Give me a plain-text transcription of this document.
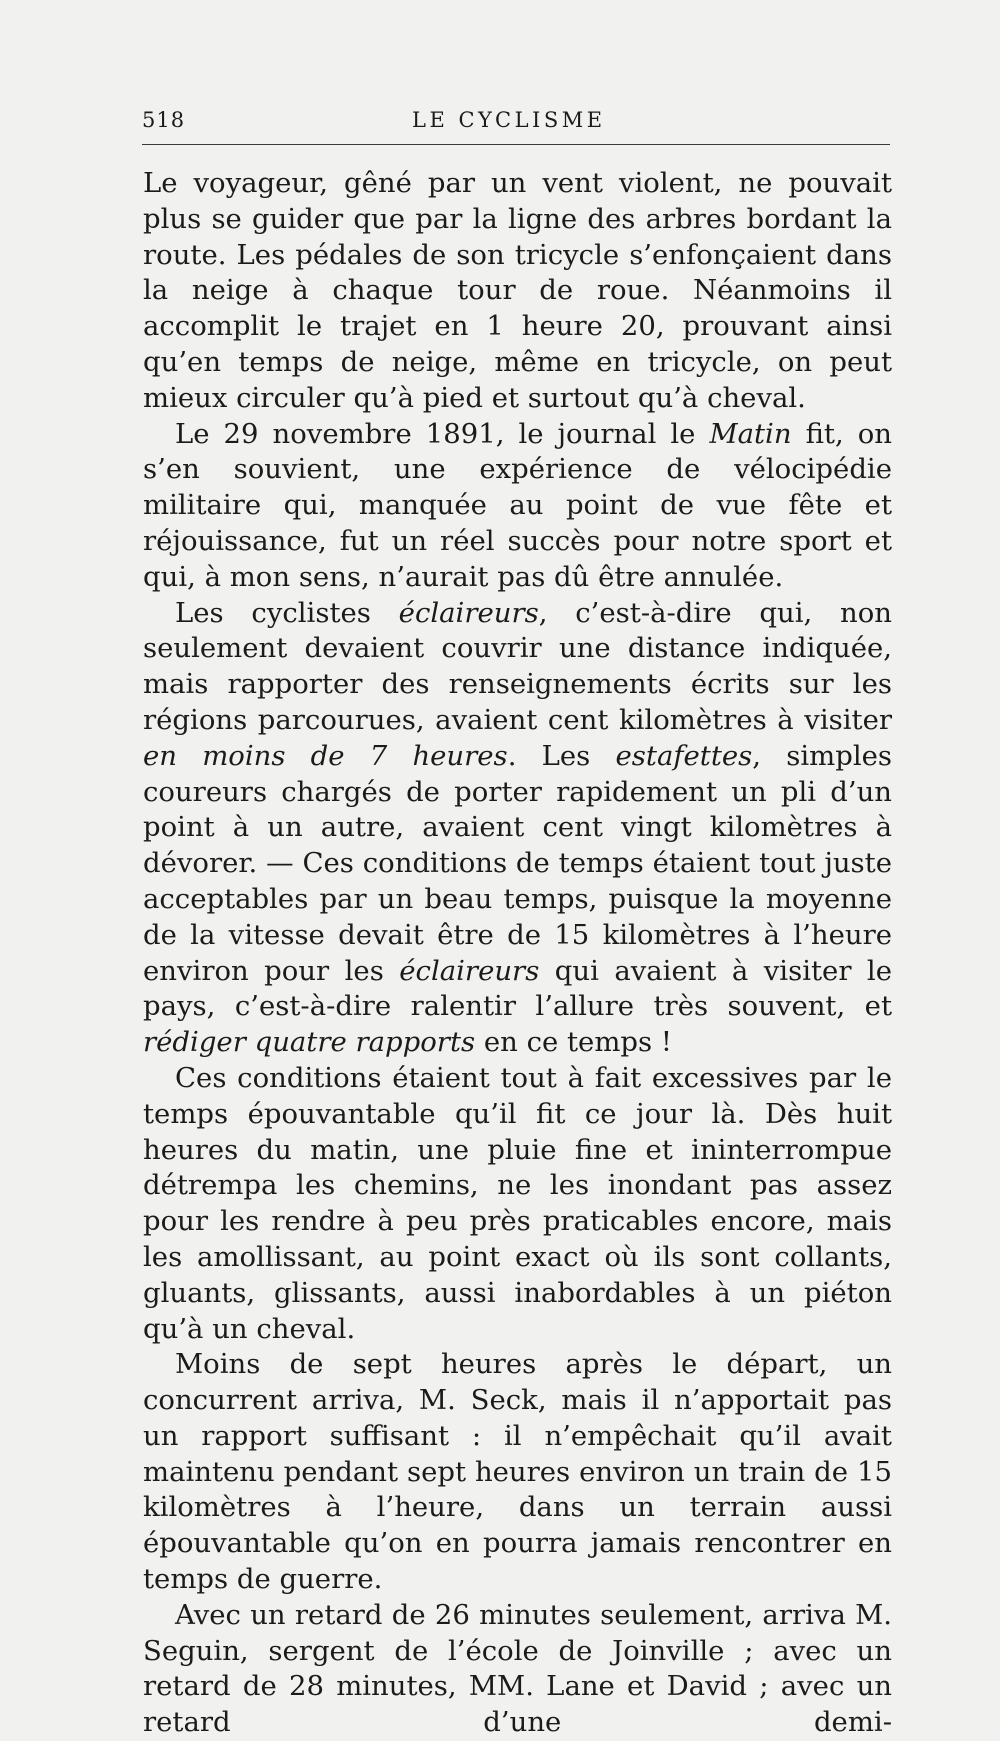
518	LE CYCLISME

Le voyageur, gêné par un vent violent, ne pouvait plus se guider que par la ligne des arbres bordant la route. Les pédales de son tricycle s’enfonçaient dans la neige à chaque tour de roue. Néanmoins il accomplit le trajet en 1 heure 20, prouvant ainsi qu’en temps de neige, même en tricycle, on peut mieux circuler qu’à pied et surtout qu’à cheval.

Le 29 novembre 1891, le journal le Matin fit, on s’en souvient, une expérience de vélocipédie militaire qui, manquée au point de vue fête et réjouissance, fut un réel succès pour notre sport et qui, à mon sens, n’aurait pas dû être annulée.

Les cyclistes éclaireurs, c’est-à-dire qui, non seulement devaient couvrir une distance indiquée, mais rapporter des renseignements écrits sur les régions parcourues, avaient cent kilomètres à visiter en moins de 7 heures. Les estafettes, simples coureurs chargés de porter rapidement un pli d’un point à un autre, avaient cent vingt kilomètres à dévorer. — Ces conditions de temps étaient tout juste acceptables par un beau temps, puisque la moyenne de la vitesse devait être de 15 kilomètres à l’heure environ pour les éclaireurs qui avaient à visiter le pays, c’est-à-dire ralentir l’allure très souvent, et rédiger quatre rapports en ce temps !

Ces conditions étaient tout à fait excessives par le temps épouvantable qu’il fit ce jour là. Dès huit heures du matin, une pluie fine et ininterrompue détrempa les chemins, ne les inondant pas assez pour les rendre à peu près praticables encore, mais les amollissant, au point exact où ils sont collants, gluants, glissants, aussi inabordables à un piéton qu’à un cheval.

Moins de sept heures après le départ, un concurrent arriva, M. Seck, mais il n’apportait pas un rapport suffisant : il n’empêchait qu’il avait maintenu pendant sept heures environ un train de 15 kilomètres à l’heure, dans un terrain aussi épouvantable qu’on en pourra jamais rencontrer en temps de guerre.

Avec un retard de 26 minutes seulement, arriva M. Seguin, sergent de l’école de Joinville ; avec un retard de 28 minutes, MM. Lane et David ; avec un retard d’une demi-
